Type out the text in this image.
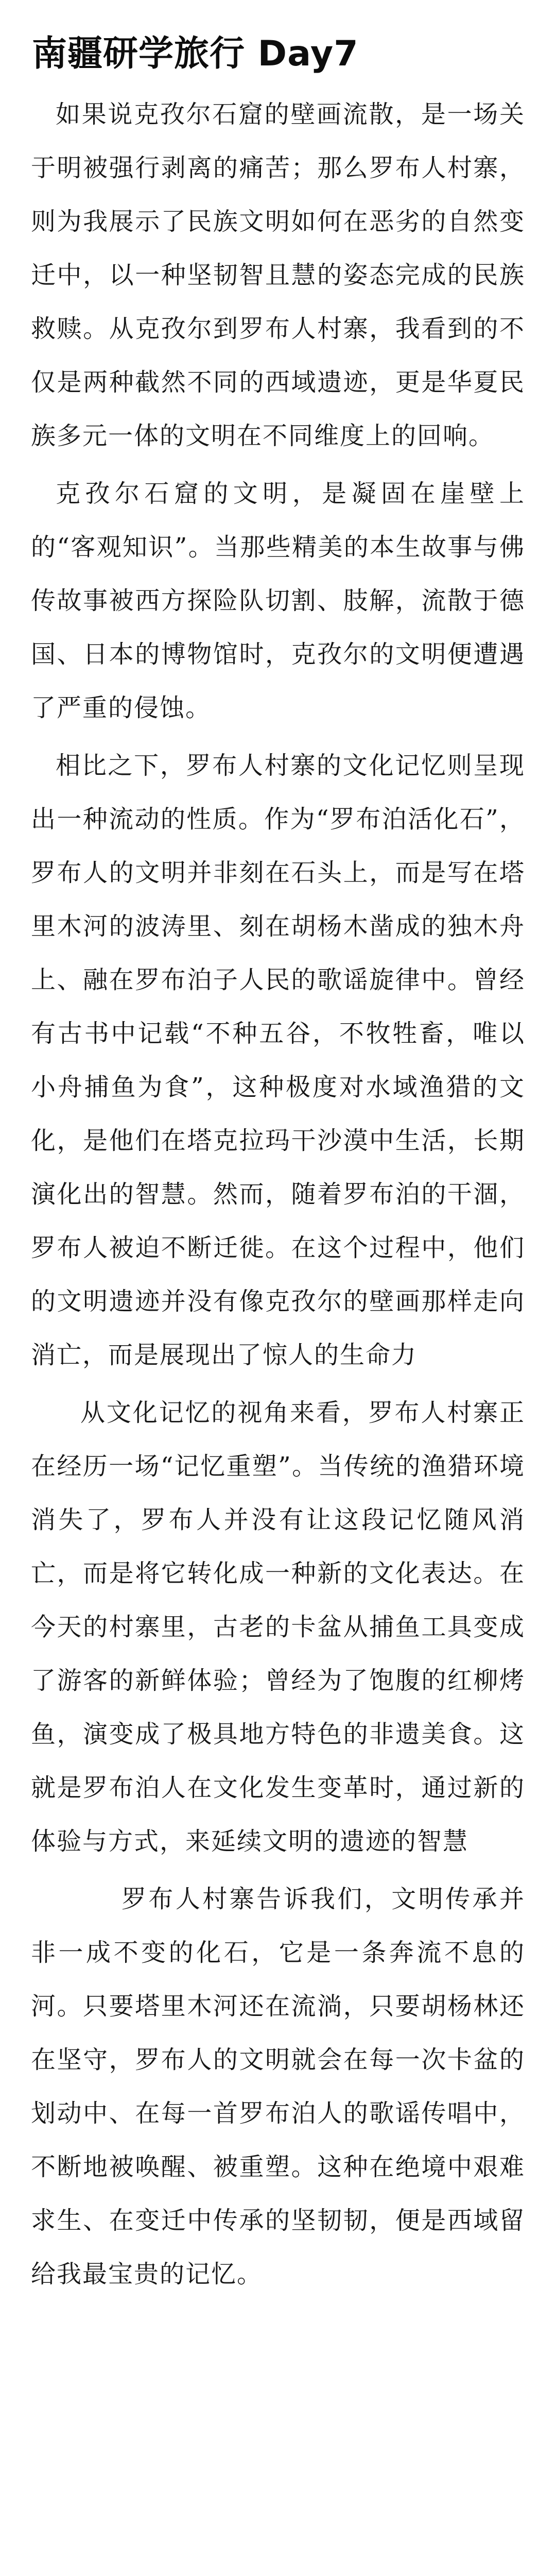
南疆研学旅行 Day7

如果说克孜尔石窟的壁画流散，是一场关于明被强行剥离的痛苦；那么罗布人村寨，则为我展示了民族文明如何在恶劣的自然变迁中，以一种坚韧智且慧的姿态完成的民族救赎。从克孜尔到罗布人村寨，我看到的不仅是两种截然不同的西域遗迹，更是华夏民族多元一体的文明在不同维度上的回响。

克孜尔石窟的文明，是凝固在崖壁上的“客观知识”。当那些精美的本生故事与佛传故事被西方探险队切割、肢解，流散于德国、日本的博物馆时，克孜尔的文明便遭遇了严重的侵蚀。

相比之下，罗布人村寨的文化记忆则呈现出一种流动的性质。作为“罗布泊活化石”，罗布人的文明并非刻在石头上，而是写在塔里木河的波涛里、刻在胡杨木凿成的独木舟上、融在罗布泊子人民的歌谣旋律中。曾经有古书中记载“不种五谷，不牧牲畜，唯以小舟捕鱼为食”，这种极度对水域渔猎的文化，是他们在塔克拉玛干沙漠中生活，长期演化出的智慧。然而，随着罗布泊的干涸，罗布人被迫不断迁徙。在这个过程中，他们的文明遗迹并没有像克孜尔的壁画那样走向消亡，而是展现出了惊人的生命力

从文化记忆的视角来看，罗布人村寨正在经历一场“记忆重塑”。当传统的渔猎环境消失了，罗布人并没有让这段记忆随风消亡，而是将它转化成一种新的文化表达。在今天的村寨里，古老的卡盆从捕鱼工具变成了游客的新鲜体验；曾经为了饱腹的红柳烤鱼，演变成了极具地方特色的非遗美食。这就是罗布泊人在文化发生变革时，通过新的体验与方式，来延续文明的遗迹的智慧

罗布人村寨告诉我们，文明传承并非一成不变的化石，它是一条奔流不息的河。只要塔里木河还在流淌，只要胡杨林还在坚守，罗布人的文明就会在每一次卡盆的划动中、在每一首罗布泊人的歌谣传唱中，不断地被唤醒、被重塑。这种在绝境中艰难求生、在变迁中传承的坚韧韧，便是西域留给我最宝贵的记忆。
